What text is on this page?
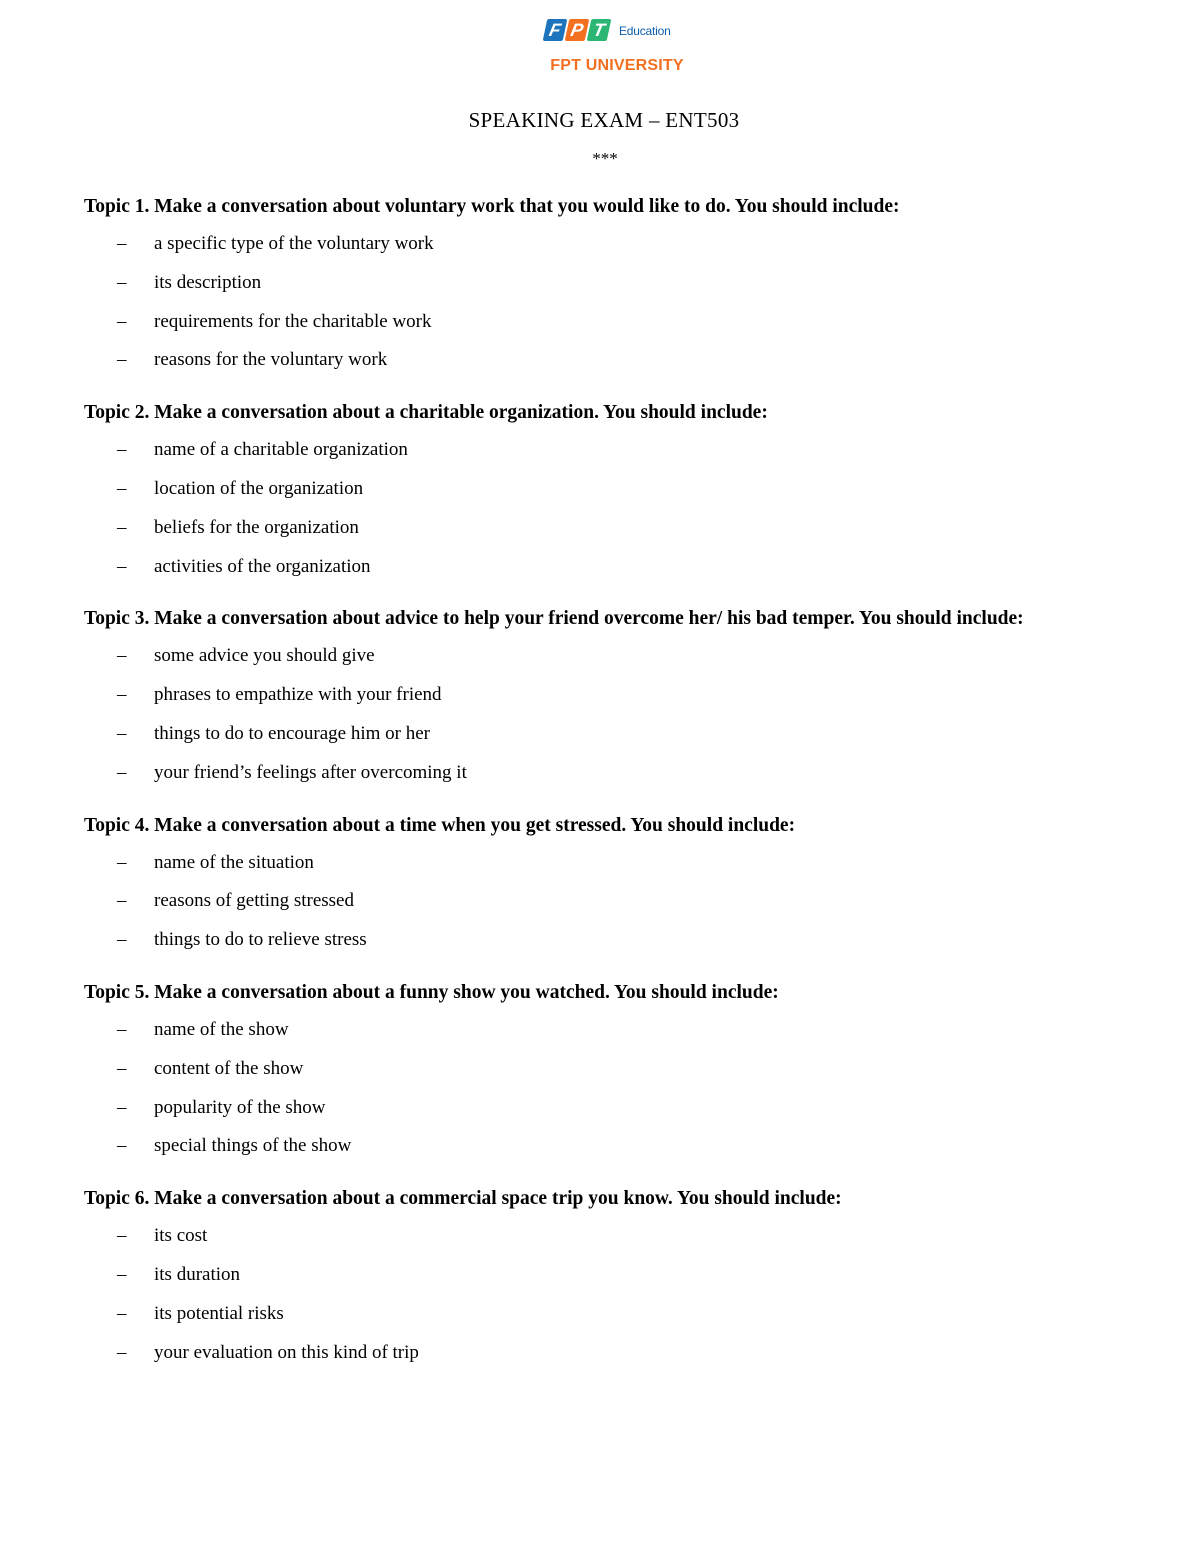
F P T	Education
FPT UNIVERSITY
SPEAKING EXAM – ENT503
***

Topic 1. Make a conversation about voluntary work that you would like to do. You should include:

– a specific type of the voluntary work
– its description
– requirements for the charitable work
– reasons for the voluntary work

Topic 2. Make a conversation about a charitable organization. You should include:

– name of a charitable organization
– location of the organization
– beliefs for the organization
– activities of the organization

Topic 3. Make a conversation about advice to help your friend overcome her/ his bad temper. You should include:

– some advice you should give
– phrases to empathize with your friend
– things to do to encourage him or her
– your friend’s feelings after overcoming it

Topic 4. Make a conversation about a time when you get stressed. You should include:

– name of the situation
– reasons of getting stressed
– things to do to relieve stress

Topic 5. Make a conversation about a funny show you watched. You should include:

– name of the show
– content of the show
– popularity of the show
– special things of the show

Topic 6. Make a conversation about a commercial space trip you know. You should include:

– its cost
– its duration
– its potential risks
– your evaluation on this kind of trip
